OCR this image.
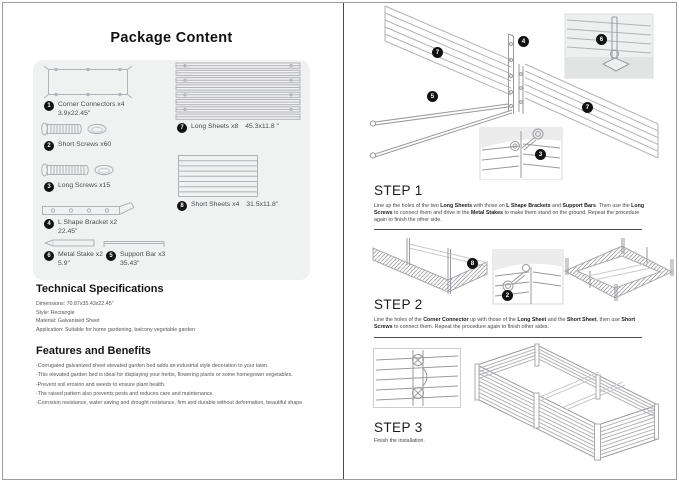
Package Content
1	Corner Connectors x4
3.9x22.45"
2	Short Screws x60
3	Long Screws x15
4	L Shape Bracket x2
22.45"
6	Metal Stake x2
5.9"
5	Support Bar x3
35.43"
7	Long Sheets x8 45.3x11.8 "
8	Short Sheets x4 31.5x11.8"
Technical Specifications
Dimensions: 70.87x35.43x22.45"
Style: Rectangle
Material: Galvanised Sheet
Application: Suitable for home gardening, balcony vegetable garden
Features and Benefits
-Corrugated galvanized sheet elevated garden bed adds an industrial style decoration to your lawn.
-This elevated garden bed is ideal for displaying your herbs, flowering plants or some homegrown vegetables.
-Prevent soil erosion and weeds to ensure plant health.
-The raised pattern also prevents pests and reduces care and maintenance.
-Corrosion resistance, water saving and drought resistance, firm and durable without deformation, beautiful shape
7
4
5
6
3
7
STEP 1
Line up the holes of the two Long Sheets with those on L Shape Brackets and Support Bars. Then use the Long Screws to connect them and drive in the Metal Stakes to make them stand on the ground. Repeat the procedure again to finish the other side.
8
2
STEP 2
Line the holes of the Corner Connector up with those of the Long Sheet and the Short Sheet, then use Short Screws to connect them. Repeat the procedure again to finish other sides.
STEP 3
Finish the installation.
